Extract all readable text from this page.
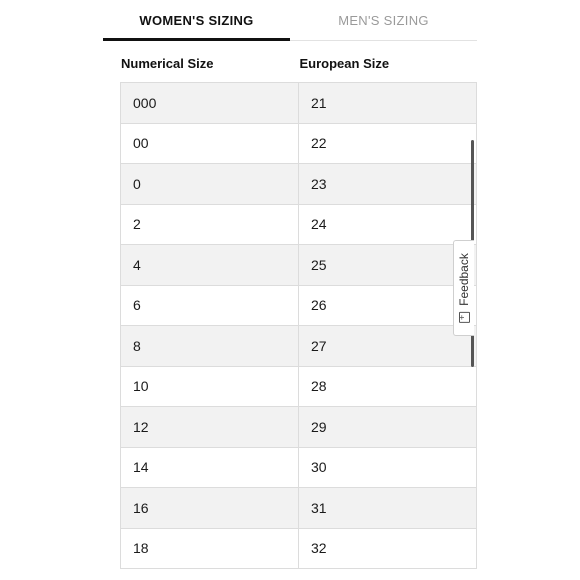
WOMEN'S SIZING	MEN'S SIZING
Numerical Size	European Size
000	21
00	22
0	23
2	24
4	25
6	26
8	27
10	28
12	29
14	30
16	31
18	32
+
Feedback
